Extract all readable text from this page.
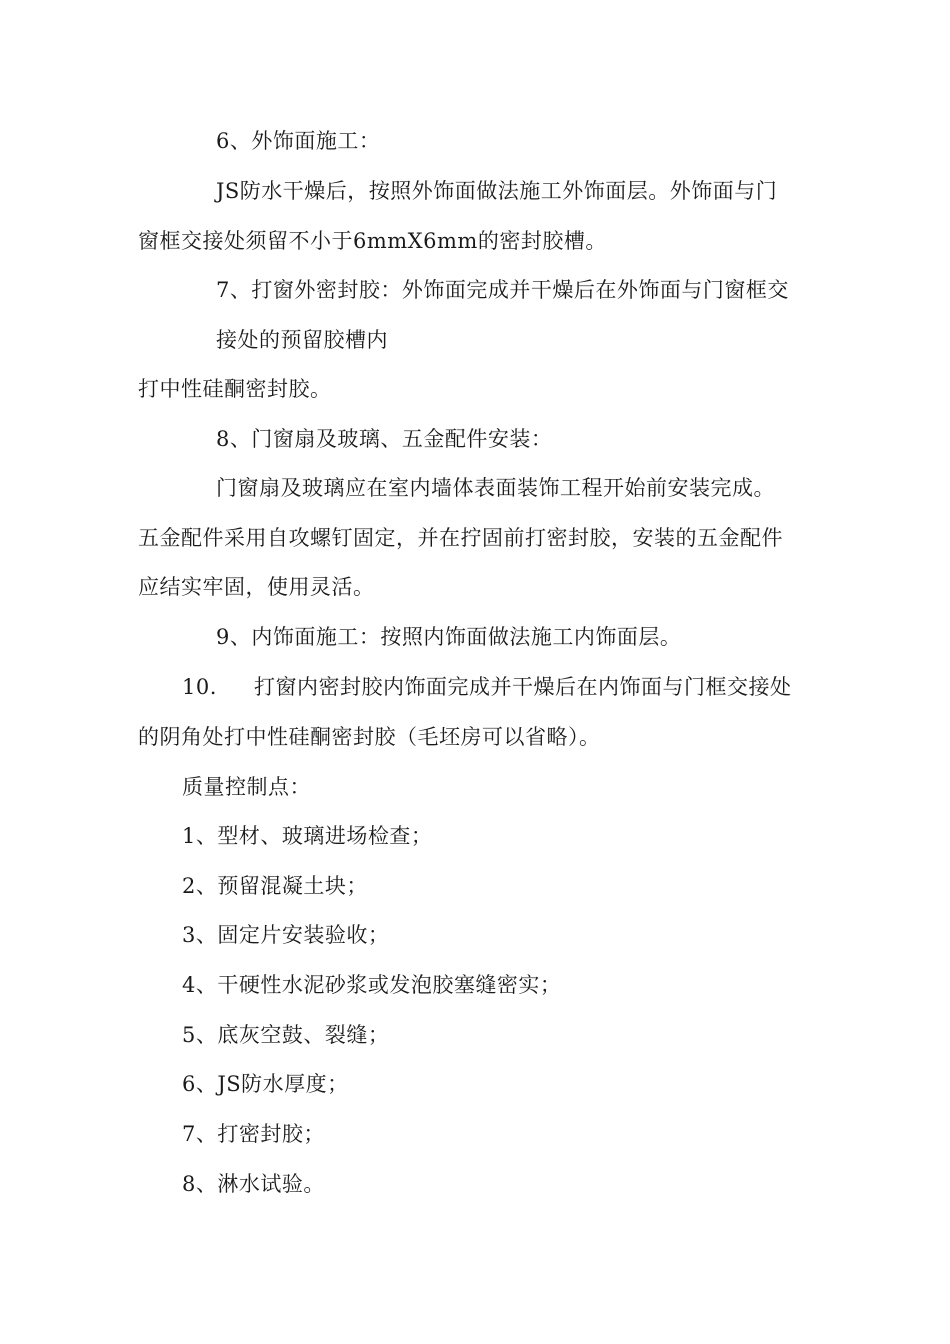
6、外饰面施工：
JS防水干燥后，按照外饰面做法施工外饰面层。外饰面与门
窗框交接处须留不小于6mmX6mm的密封胶槽。
7、打窗外密封胶：外饰面完成并干燥后在外饰面与门窗框交
接处的预留胶槽内
打中性硅酮密封胶。
8、门窗扇及玻璃、五金配件安装：
门窗扇及玻璃应在室内墙体表面装饰工程开始前安装完成。
五金配件采用自攻螺钉固定，并在拧固前打密封胶，安装的五金配件
应结实牢固，使用灵活。
9、内饰面施工：按照内饰面做法施工内饰面层。
10. 打窗内密封胶内饰面完成并干燥后在内饰面与门框交接处
的阴角处打中性硅酮密封胶（毛坯房可以省略）。
质量控制点：
1、型材、玻璃进场检查；
2、预留混凝土块；
3、固定片安装验收；
4、干硬性水泥砂浆或发泡胶塞缝密实；
5、底灰空鼓、裂缝；
6、JS防水厚度；
7、打密封胶；
8、淋水试验。
